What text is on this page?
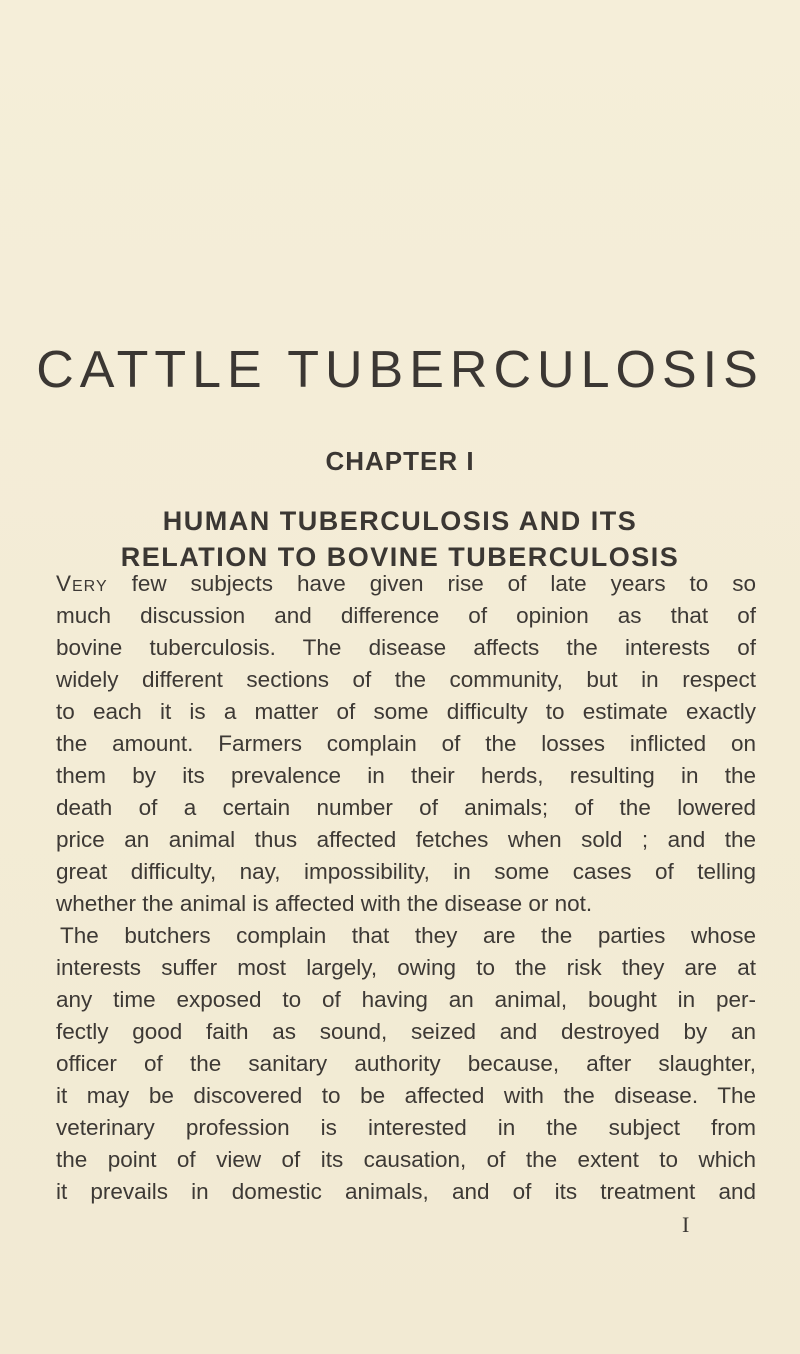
CATTLE TUBERCULOSIS
CHAPTER I
HUMAN TUBERCULOSIS AND ITS
RELATION TO BOVINE TUBERCULOSIS
Very few subjects have given rise of late years to so
much discussion and difference of opinion as that of
bovine tuberculosis. The disease affects the interests of
widely different sections of the community, but in respect
to each it is a matter of some difficulty to estimate exactly
the amount. Farmers complain of the losses inflicted on
them by its prevalence in their herds, resulting in the
death of a certain number of animals; of the lowered
price an animal thus affected fetches when sold ; and the
great difficulty, nay, impossibility, in some cases of telling
whether the animal is affected with the disease or not.
The butchers complain that they are the parties whose
interests suffer most largely, owing to the risk they are at
any time exposed to of having an animal, bought in per-
fectly good faith as sound, seized and destroyed by an
officer of the sanitary authority because, after slaughter,
it may be discovered to be affected with the disease. The
veterinary profession is interested in the subject from
the point of view of its causation, of the extent to which
it prevails in domestic animals, and of its treatment and
I
